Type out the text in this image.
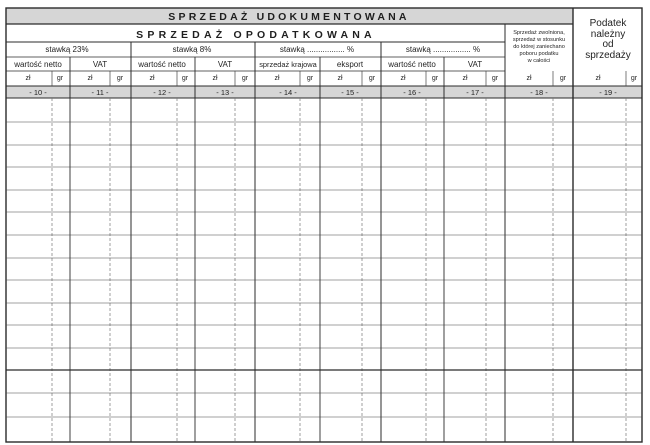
SPRZEDAŻ UDOKUMENTOWANA
SPRZEDAŻ OPODATKOWANA
Podatek
należny
od
sprzedaży
Sprzedaż zwolniona,
sprzedaż w stosunku
do której zaniechano
poboru podatku
w całości
stawką 23%	stawką 8%	stawką ................. %	stawką ................. %
wartość netto	VAT	wartość netto	VAT	sprzedaż krajowa	eksport	wartość netto	VAT
zł	gr	zł	gr	zł	gr	zł	gr	zł	gr	zł	gr	zł	gr	zł	gr	zł	gr	zł	gr
- 10 -	- 11 -	- 12 -	- 13 -	- 14 -	- 15 -	- 16 -	- 17 -	- 18 -	- 19 -
